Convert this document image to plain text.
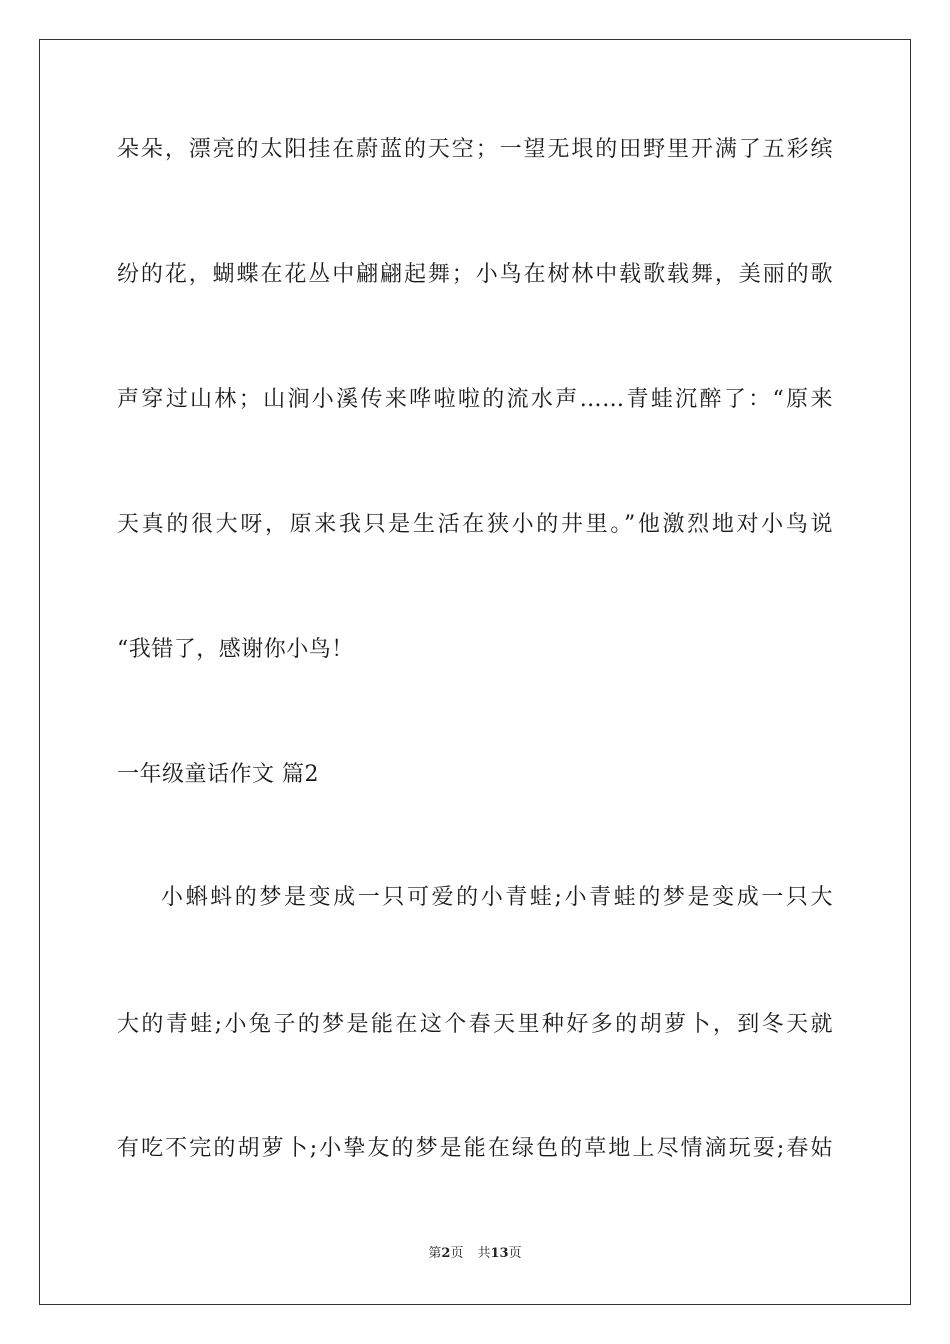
朵朵，漂亮的太阳挂在蔚蓝的天空；一望无垠的田野里开满了五彩缤
纷的花，蝴蝶在花丛中翩翩起舞；小鸟在树林中载歌载舞，美丽的歌
声穿过山林；山涧小溪传来哗啦啦的流水声……青蛙沉醉了：“原来
天真的很大呀，原来我只是生活在狭小的井里。”他激烈地对小鸟说
“我错了，感谢你小鸟！
一年级童话作文 篇2
小蝌蚪的梦是变成一只可爱的小青蛙;小青蛙的梦是变成一只大
大的青蛙;小兔子的梦是能在这个春天里种好多的胡萝卜，到冬天就
有吃不完的胡萝卜;小挚友的梦是能在绿色的草地上尽情滴玩耍;春姑
第2页 共13页
